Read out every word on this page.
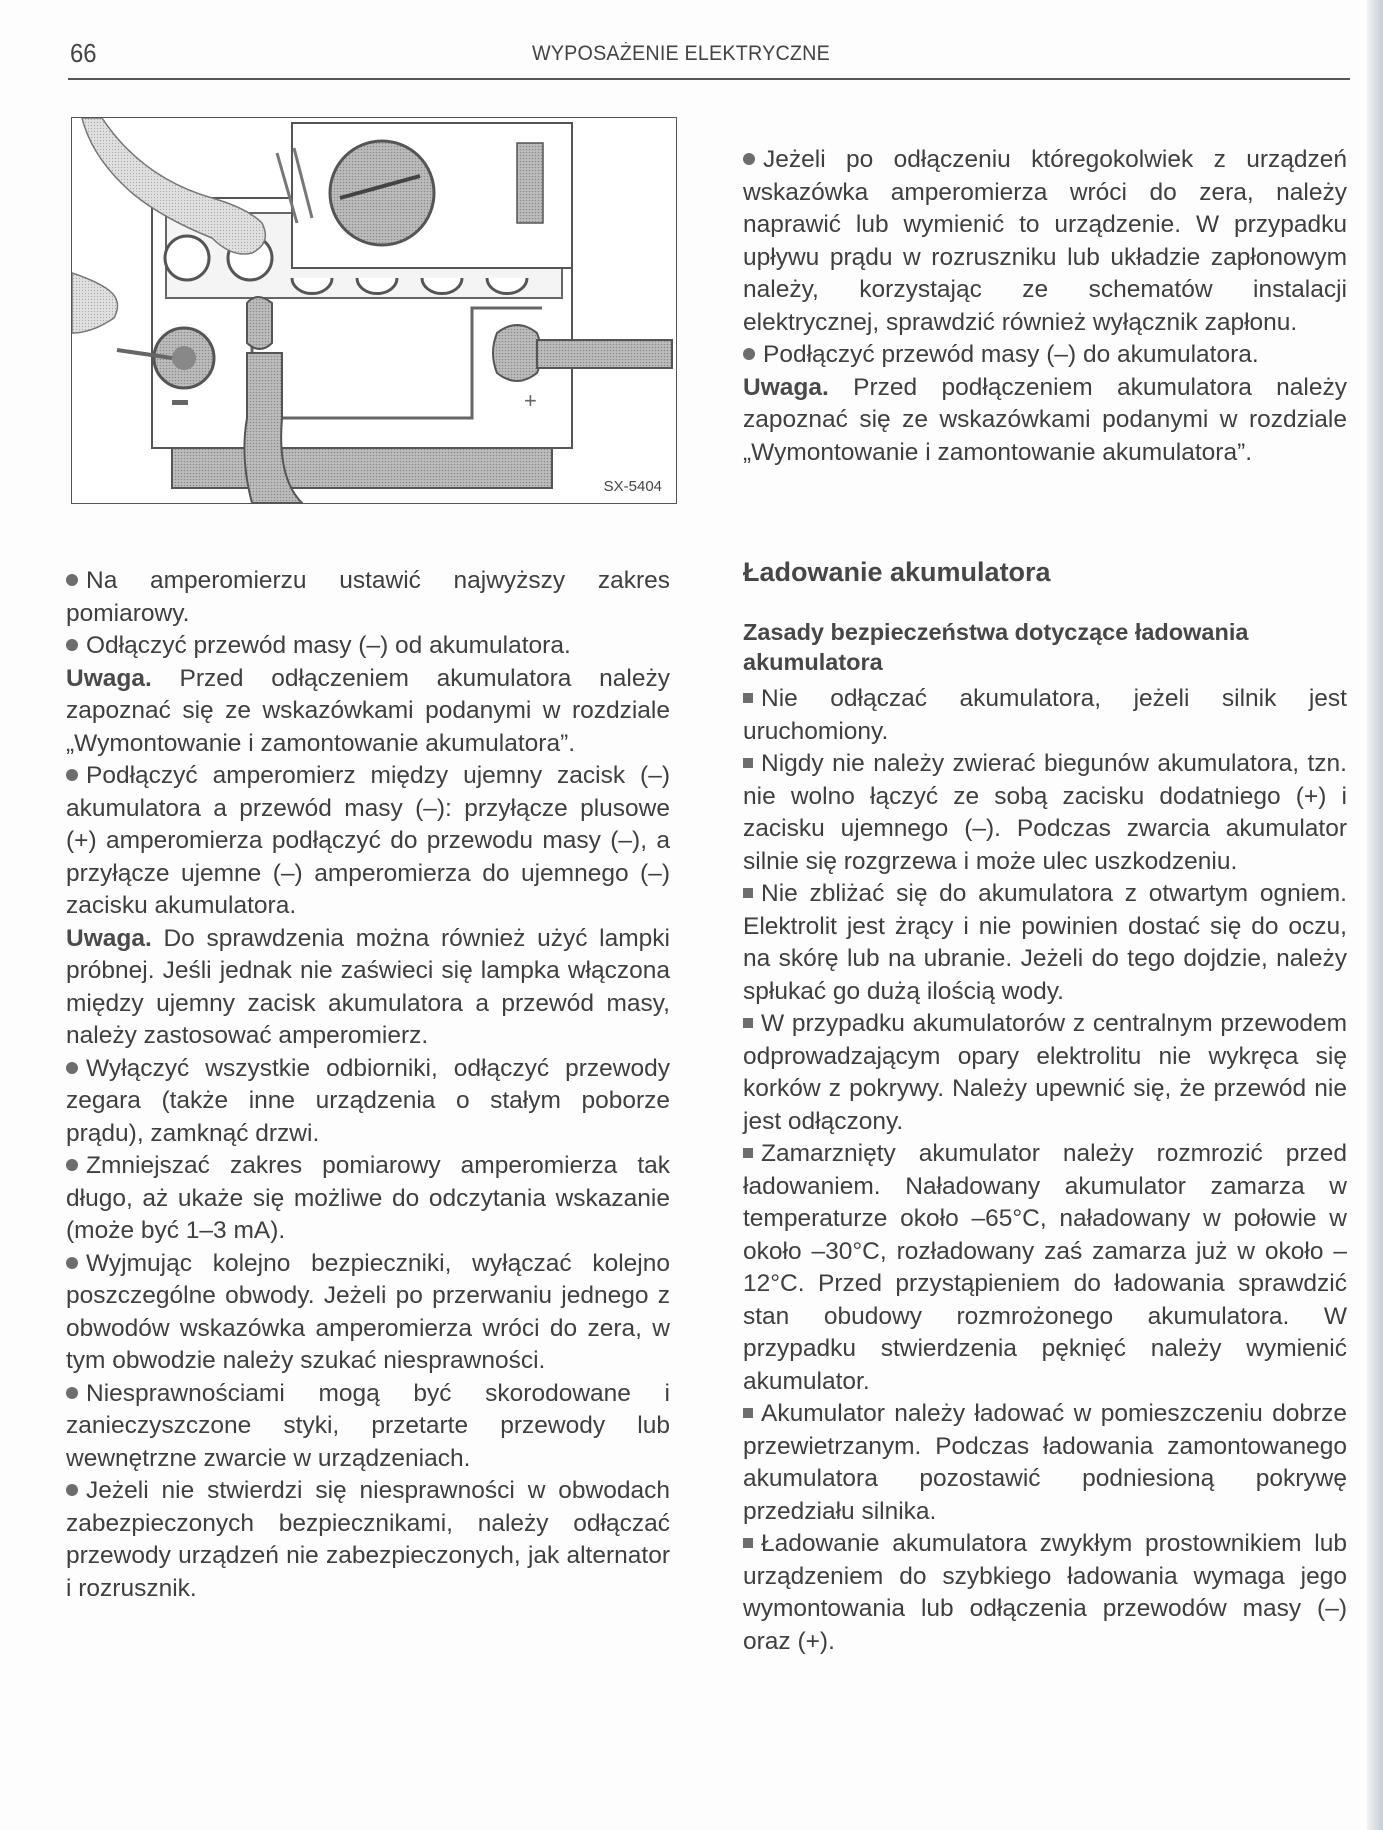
66	WYPOSAŻENIE ELEKTRYCZNE
+
SX-5404

Jeżeli po odłączeniu któregokolwiek z urządzeń wskazówka amperomierza wróci do zera, należy naprawić lub wymienić to urządzenie. W przypadku upływu prądu w rozruszniku lub układzie zapłonowym należy, korzystając ze schematów instalacji elektrycznej, sprawdzić również wyłącznik zapłonu.

Podłączyć przewód masy (–) do akumulatora.

Uwaga. Przed podłączeniem akumulatora należy zapoznać się ze wskazówkami podanymi w rozdziale „Wymontowanie i zamontowanie akumulatora”.

Na amperomierzu ustawić najwyższy zakres pomiarowy.

Odłączyć przewód masy (–) od akumulatora.

Uwaga. Przed odłączeniem akumulatora należy zapoznać się ze wskazówkami podanymi w rozdziale „Wymontowanie i zamontowanie akumulatora”.

Podłączyć amperomierz między ujemny zacisk (–) akumulatora a przewód masy (–): przyłącze plusowe (+) amperomierza podłączyć do przewodu masy (–), a przyłącze ujemne (–) amperomierza do ujemnego (–) zacisku akumulatora.

Uwaga. Do sprawdzenia można również użyć lampki próbnej. Jeśli jednak nie zaświeci się lampka włączona między ujemny zacisk akumulatora a przewód masy, należy zastosować amperomierz.

Wyłączyć wszystkie odbiorniki, odłączyć przewody zegara (także inne urządzenia o stałym poborze prądu), zamknąć drzwi.

Zmniejszać zakres pomiarowy amperomierza tak długo, aż ukaże się możliwe do odczytania wskazanie (może być 1–3 mA).

Wyjmując kolejno bezpieczniki, wyłączać kolejno poszczególne obwody. Jeżeli po przerwaniu jednego z obwodów wskazówka amperomierza wróci do zera, w tym obwodzie należy szukać niesprawności.

Niesprawnościami mogą być skorodowane i zanieczyszczone styki, przetarte przewody lub wewnętrzne zwarcie w urządzeniach.

Jeżeli nie stwierdzi się niesprawności w obwodach zabezpieczonych bezpiecznikami, należy odłączać przewody urządzeń nie zabezpieczonych, jak alternator i rozrusznik.

Ładowanie akumulatora
Zasady bezpieczeństwa dotyczące ładowania akumulatora

Nie odłączać akumulatora, jeżeli silnik jest uruchomiony.

Nigdy nie należy zwierać biegunów akumulatora, tzn. nie wolno łączyć ze sobą zacisku dodatniego (+) i zacisku ujemnego (–). Podczas zwarcia akumulator silnie się rozgrzewa i może ulec uszkodzeniu.

Nie zbliżać się do akumulatora z otwartym ogniem. Elektrolit jest żrący i nie powinien dostać się do oczu, na skórę lub na ubranie. Jeżeli do tego dojdzie, należy spłukać go dużą ilością wody.

W przypadku akumulatorów z centralnym przewodem odprowadzającym opary elektrolitu nie wykręca się korków z pokrywy. Należy upewnić się, że przewód nie jest odłączony.

Zamarznięty akumulator należy rozmrozić przed ładowaniem. Naładowany akumulator zamarza w temperaturze około –65°C, naładowany w połowie w około –30°C, rozładowany zaś zamarza już w około –12°C. Przed przystąpieniem do ładowania sprawdzić stan obudowy rozmrożonego akumulatora. W przypadku stwierdzenia pęknięć należy wymienić akumulator.

Akumulator należy ładować w pomieszczeniu dobrze przewietrzanym. Podczas ładowania zamontowanego akumulatora pozostawić podniesioną pokrywę przedziału silnika.

Ładowanie akumulatora zwykłym prostownikiem lub urządzeniem do szybkiego ładowania wymaga jego wymontowania lub odłączenia przewodów masy (–) oraz (+).
